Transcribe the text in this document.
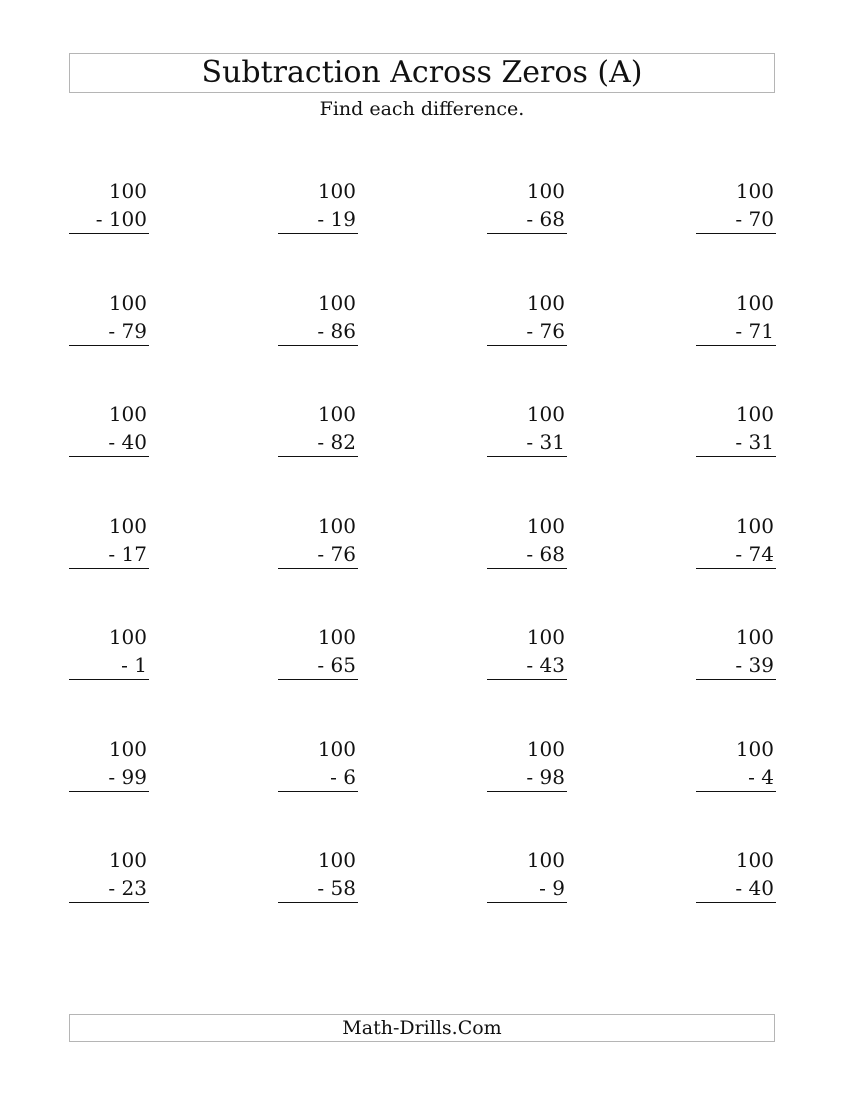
Subtraction Across Zeros (A)
Find each difference.
100
- 100
100
- 19
100
- 68
100
- 70
100
- 79
100
- 86
100
- 76
100
- 71
100
- 40
100
- 82
100
- 31
100
- 31
100
- 17
100
- 76
100
- 68
100
- 74
100
- 1
100
- 65
100
- 43
100
- 39
100
- 99
100
- 6
100
- 98
100
- 4
100
- 23
100
- 58
100
- 9
100
- 40
Math-Drills.Com
